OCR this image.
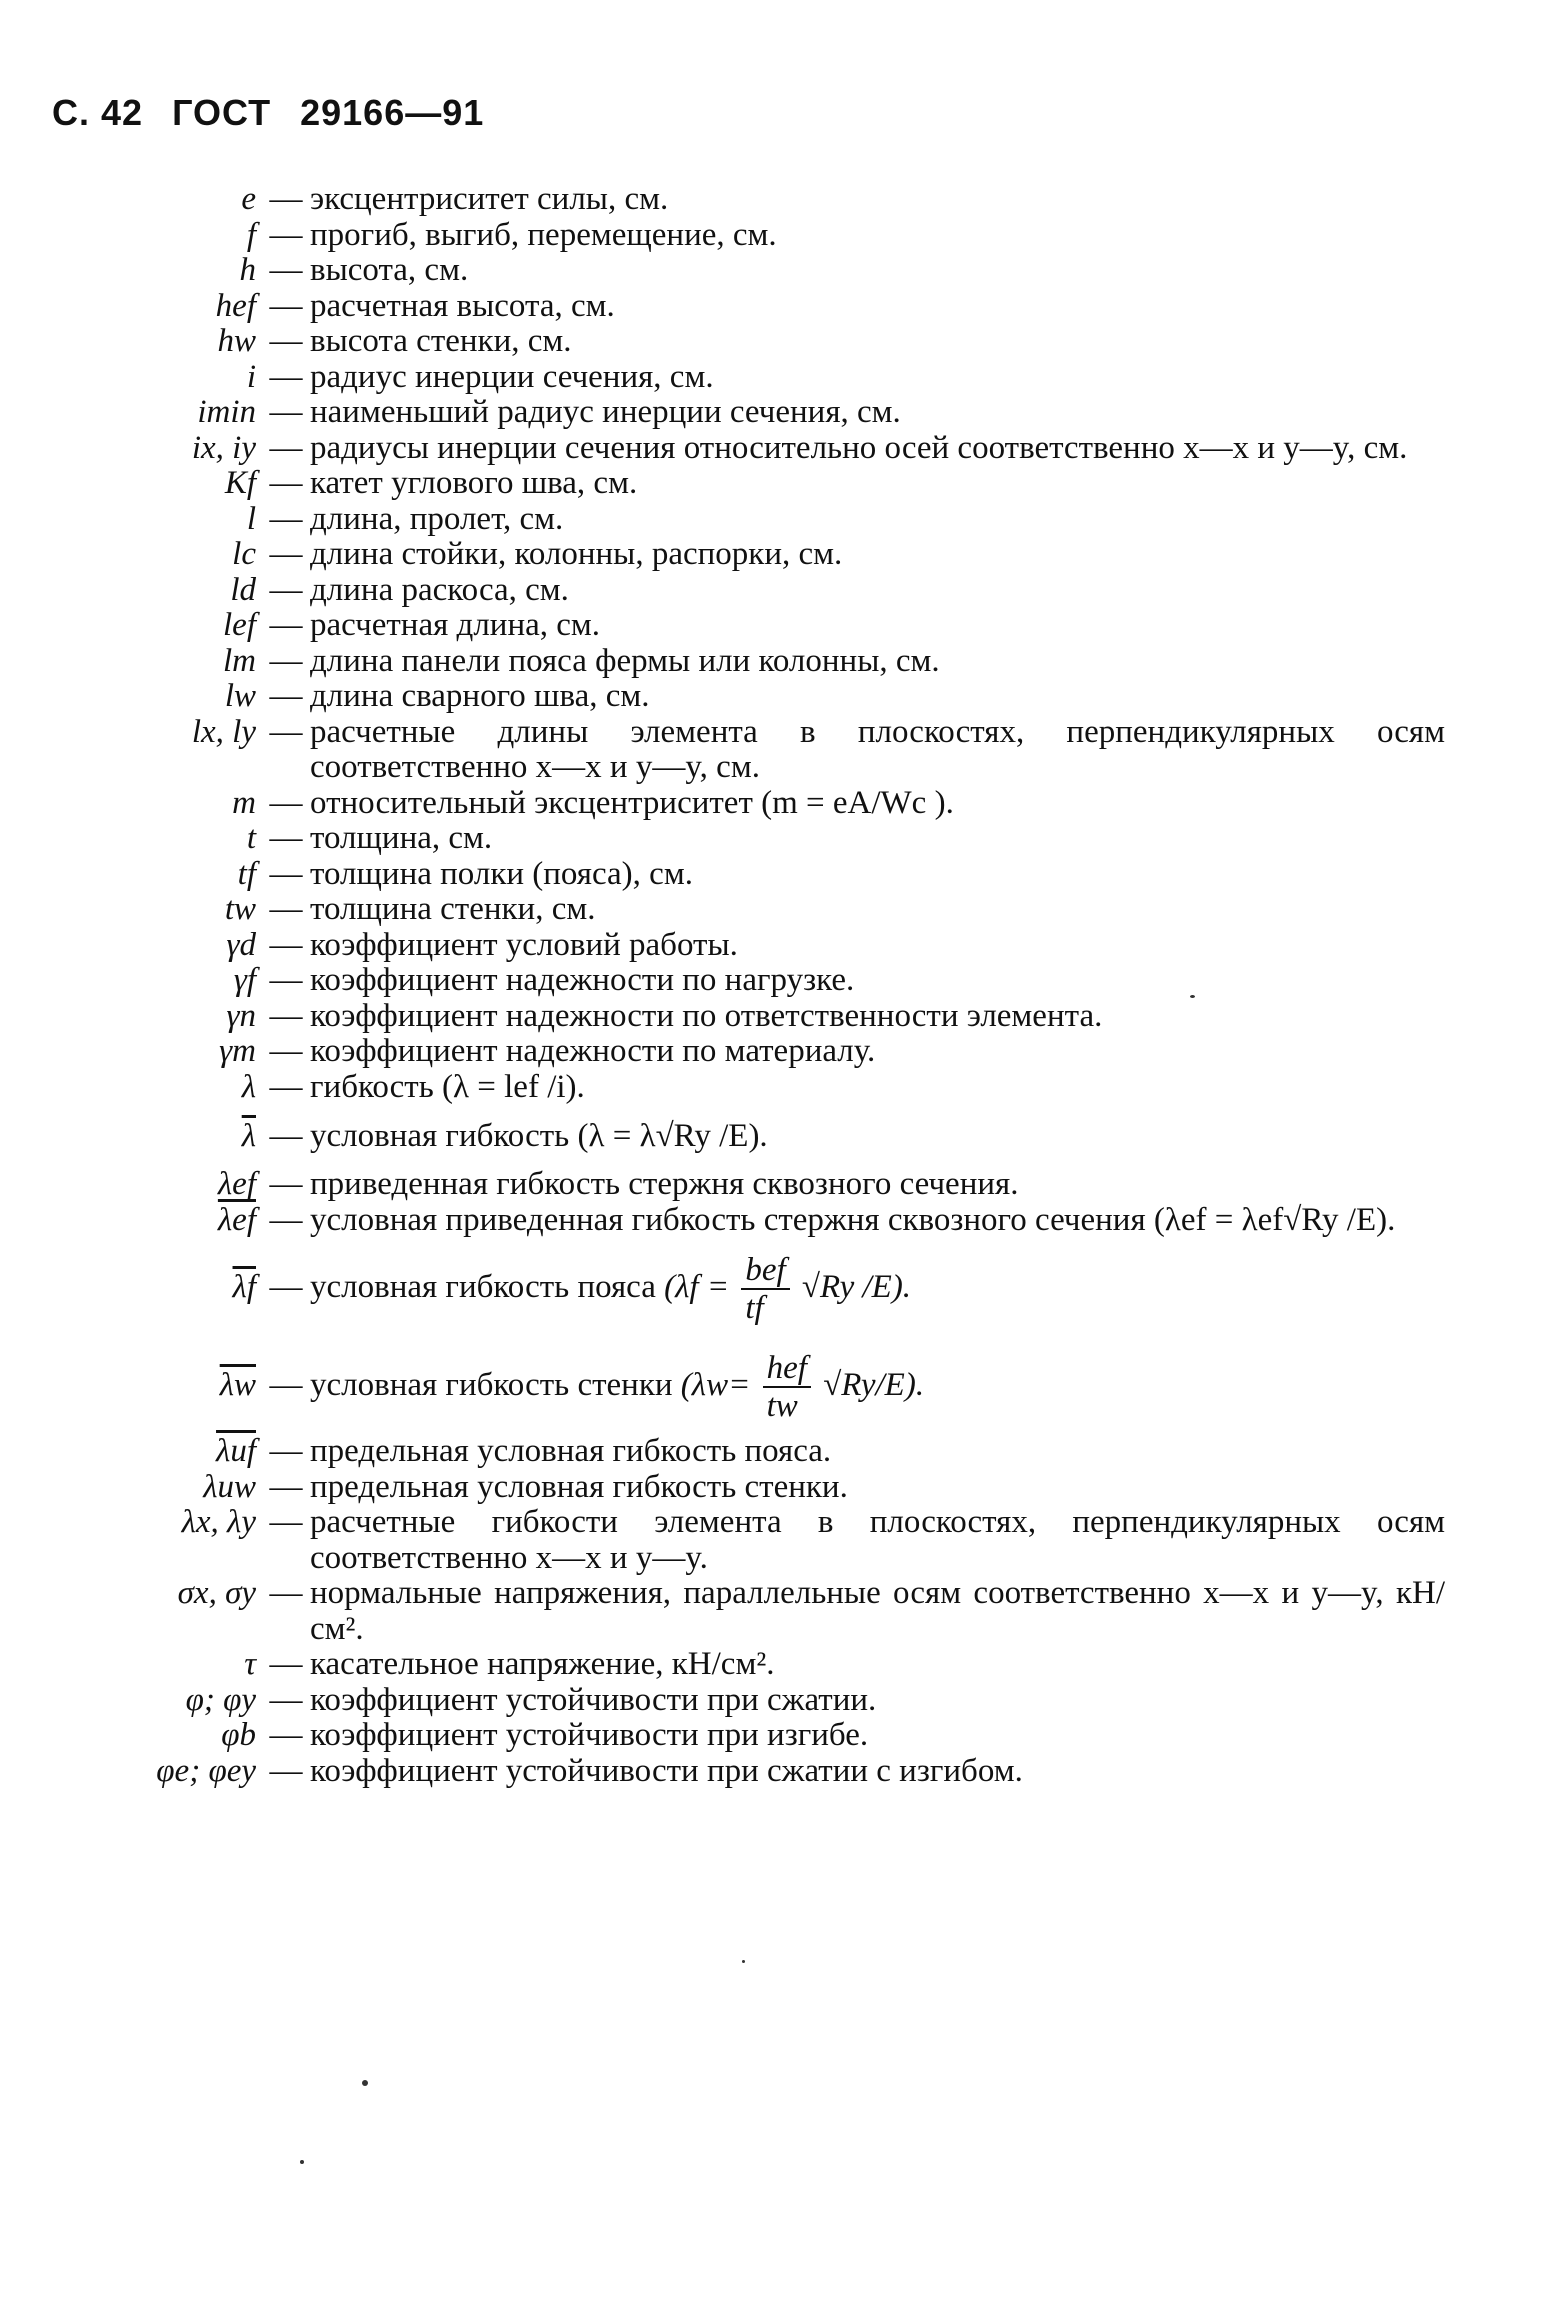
С. 42 ГОСТ 29166—91
e — эксцентриситет силы, см.
f — прогиб, выгиб, перемещение, см.
h — высота, см.
hef — расчетная высота, см.
hw — высота стенки, см.
i — радиус инерции сечения, см.
imin — наименьший радиус инерции сечения, см.
ix, iy — радиусы инерции сечения относительно осей соответственно x—x и y—y, см.
Kf — катет углового шва, см.
l — длина, пролет, см.
lc — длина стойки, колонны, распорки, см.
ld — длина раскоса, см.
lef — расчетная длина, см.
lm — длина панели пояса фермы или колонны, см.
lw — длина сварного шва, см.
lx, ly — расчетные длины элемента в плоскостях, перпендикулярных осям соответственно x—x и y—y, см.
m — относительный эксцентриситет (m = eA/Wc ).
t — толщина, см.
tf — толщина полки (пояса), см.
tw — толщина стенки, см.
γd — коэффициент условий работы.
γf — коэффициент надежности по нагрузке.
γn — коэффициент надежности по ответственности элемента.
γm — коэффициент надежности по материалу.
λ — гибкость (λ = lef /i).
$\overline{\lambda}$ — условная гибкость (λ = λ√Ry /E).
λef — приведенная гибкость стержня сквозного сечения.
$\overline{\lambda ef}$ — условная приведенная гибкость стержня сквозного сечения (λef = λef√Ry /E).
$\overline{\lambda f}$ — условная гибкость пояса ($\lambda f = \frac{\text{bef}}{tf} √Ry$ /E).
$\overline{\lambda w}$ — условная гибкость стенки $(\lambda w= \frac{\text{hef}}{tw} √Ry/E)$.
$\overline{\lambda uf}$ — предельная условная гибкость пояса.
λuw — предельная условная гибкость стенки.
λx, λy — расчетные гибкости элемента в плоскостях, перпендикулярных осям соответственно x—x и y—y.
σx, σy — нормальные напряжения, параллельные осям соответственно x—x и y—y, кН/см².
τ — касательное напряжение, кН/см².
φ; φy — коэффициент устойчивости при сжатии.
φb — коэффициент устойчивости при изгибе.
φe; φey — коэффициент устойчивости при сжатии с изгибом.
